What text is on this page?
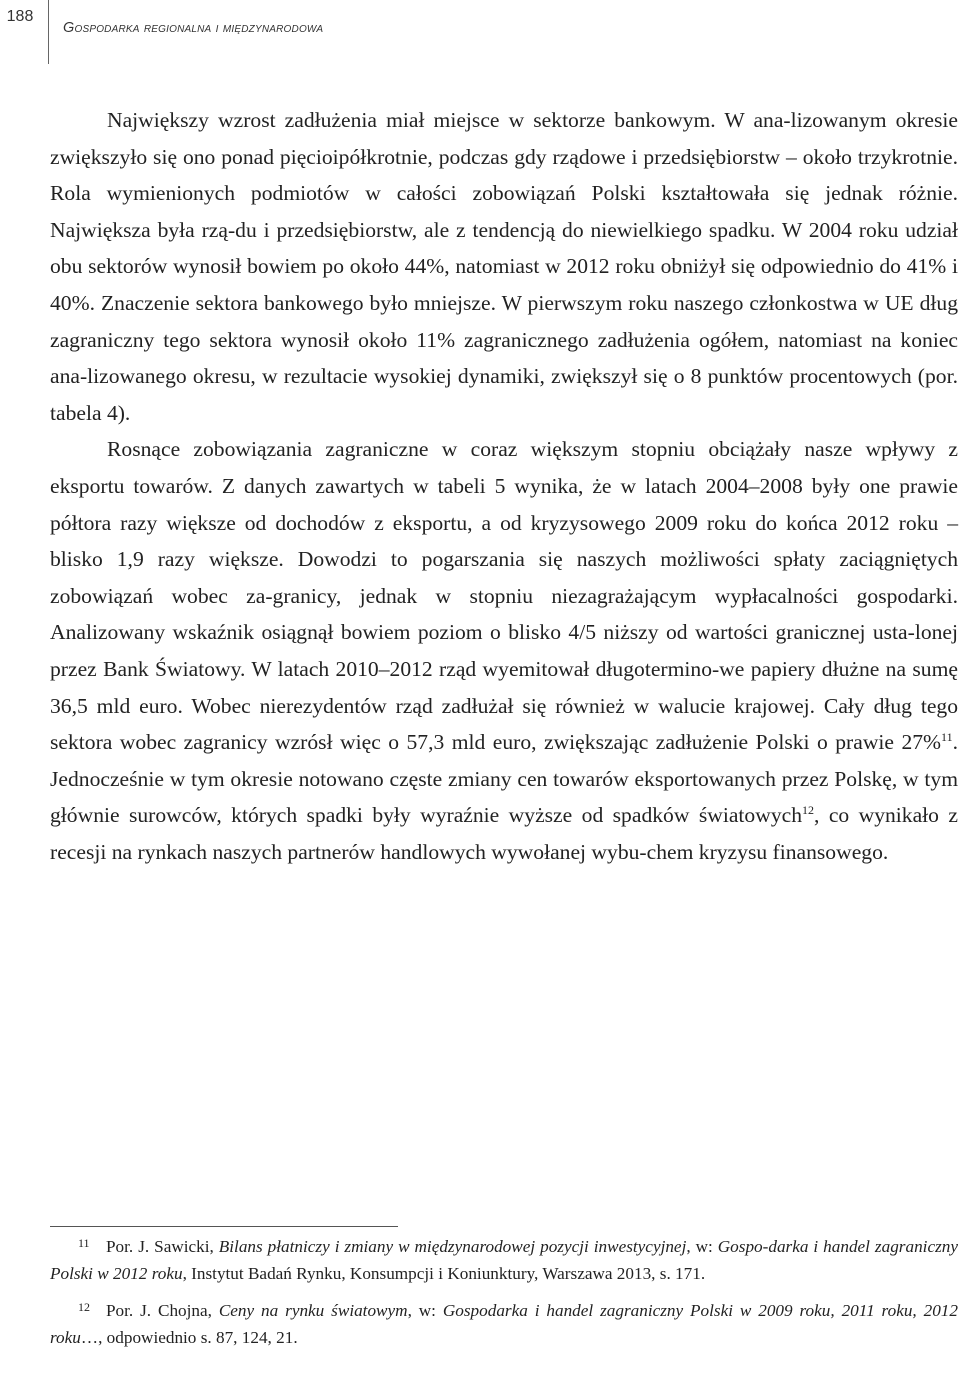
188
Gospodarka regionalna i międzynarodowa

Największy wzrost zadłużenia miał miejsce w sektorze bankowym. W ana-lizowanym okresie zwiększyło się ono ponad pięcioipółkrotnie, podczas gdy rządowe i przedsiębiorstw – około trzykrotnie. Rola wymienionych podmiotów w całości zobowiązań Polski kształtowała się jednak różnie. Największa była rzą-du i przedsiębiorstw, ale z tendencją do niewielkiego spadku. W 2004 roku udział obu sektorów wynosił bowiem po około 44%, natomiast w 2012 roku obniżył się odpowiednio do 41% i 40%. Znaczenie sektora bankowego było mniejsze. W pierwszym roku naszego członkostwa w UE dług zagraniczny tego sektora wynosił około 11% zagranicznego zadłużenia ogółem, natomiast na koniec ana-lizowanego okresu, w rezultacie wysokiej dynamiki, zwiększył się o 8 punktów procentowych (por. tabela 4).

Rosnące zobowiązania zagraniczne w coraz większym stopniu obciążały nasze wpływy z eksportu towarów. Z danych zawartych w tabeli 5 wynika, że w latach 2004–2008 były one prawie półtora razy większe od dochodów z eksportu, a od kryzysowego 2009 roku do końca 2012 roku – blisko 1,9 razy większe. Dowodzi to pogarszania się naszych możliwości spłaty zaciągniętych zobowiązań wobec za-granicy, jednak w stopniu niezagrażającym wypłacalności gospodarki. Analizowany wskaźnik osiągnął bowiem poziom o blisko 4/5 niższy od wartości granicznej usta-lonej przez Bank Światowy. W latach 2010–2012 rząd wyemitował długotermino-we papiery dłużne na sumę 36,5 mld euro. Wobec nierezydentów rząd zadłużał się również w walucie krajowej. Cały dług tego sektora wobec zagranicy wzrósł więc o 57,3 mld euro, zwiększając zadłużenie Polski o prawie 27%$^{11}$. Jednocześnie w tym okresie notowano częste zmiany cen towarów eksportowanych przez Polskę, w tym głównie surowców, których spadki były wyraźnie wyższe od spadków światowych$^{12}$, co wynikało z recesji na rynkach naszych partnerów handlowych wywołanej wybu-chem kryzysu finansowego.

11 Por. J. Sawicki, Bilans płatniczy i zmiany w międzynarodowej pozycji inwestycyjnej, w: Gospo-darka i handel zagraniczny Polski w 2012 roku, Instytut Badań Rynku, Konsumpcji i Koniunktury, Warszawa 2013, s. 171.

12 Por. J. Chojna, Ceny na rynku światowym, w: Gospodarka i handel zagraniczny Polski w 2009 roku, 2011 roku, 2012 roku…, odpowiednio s. 87, 124, 21.
